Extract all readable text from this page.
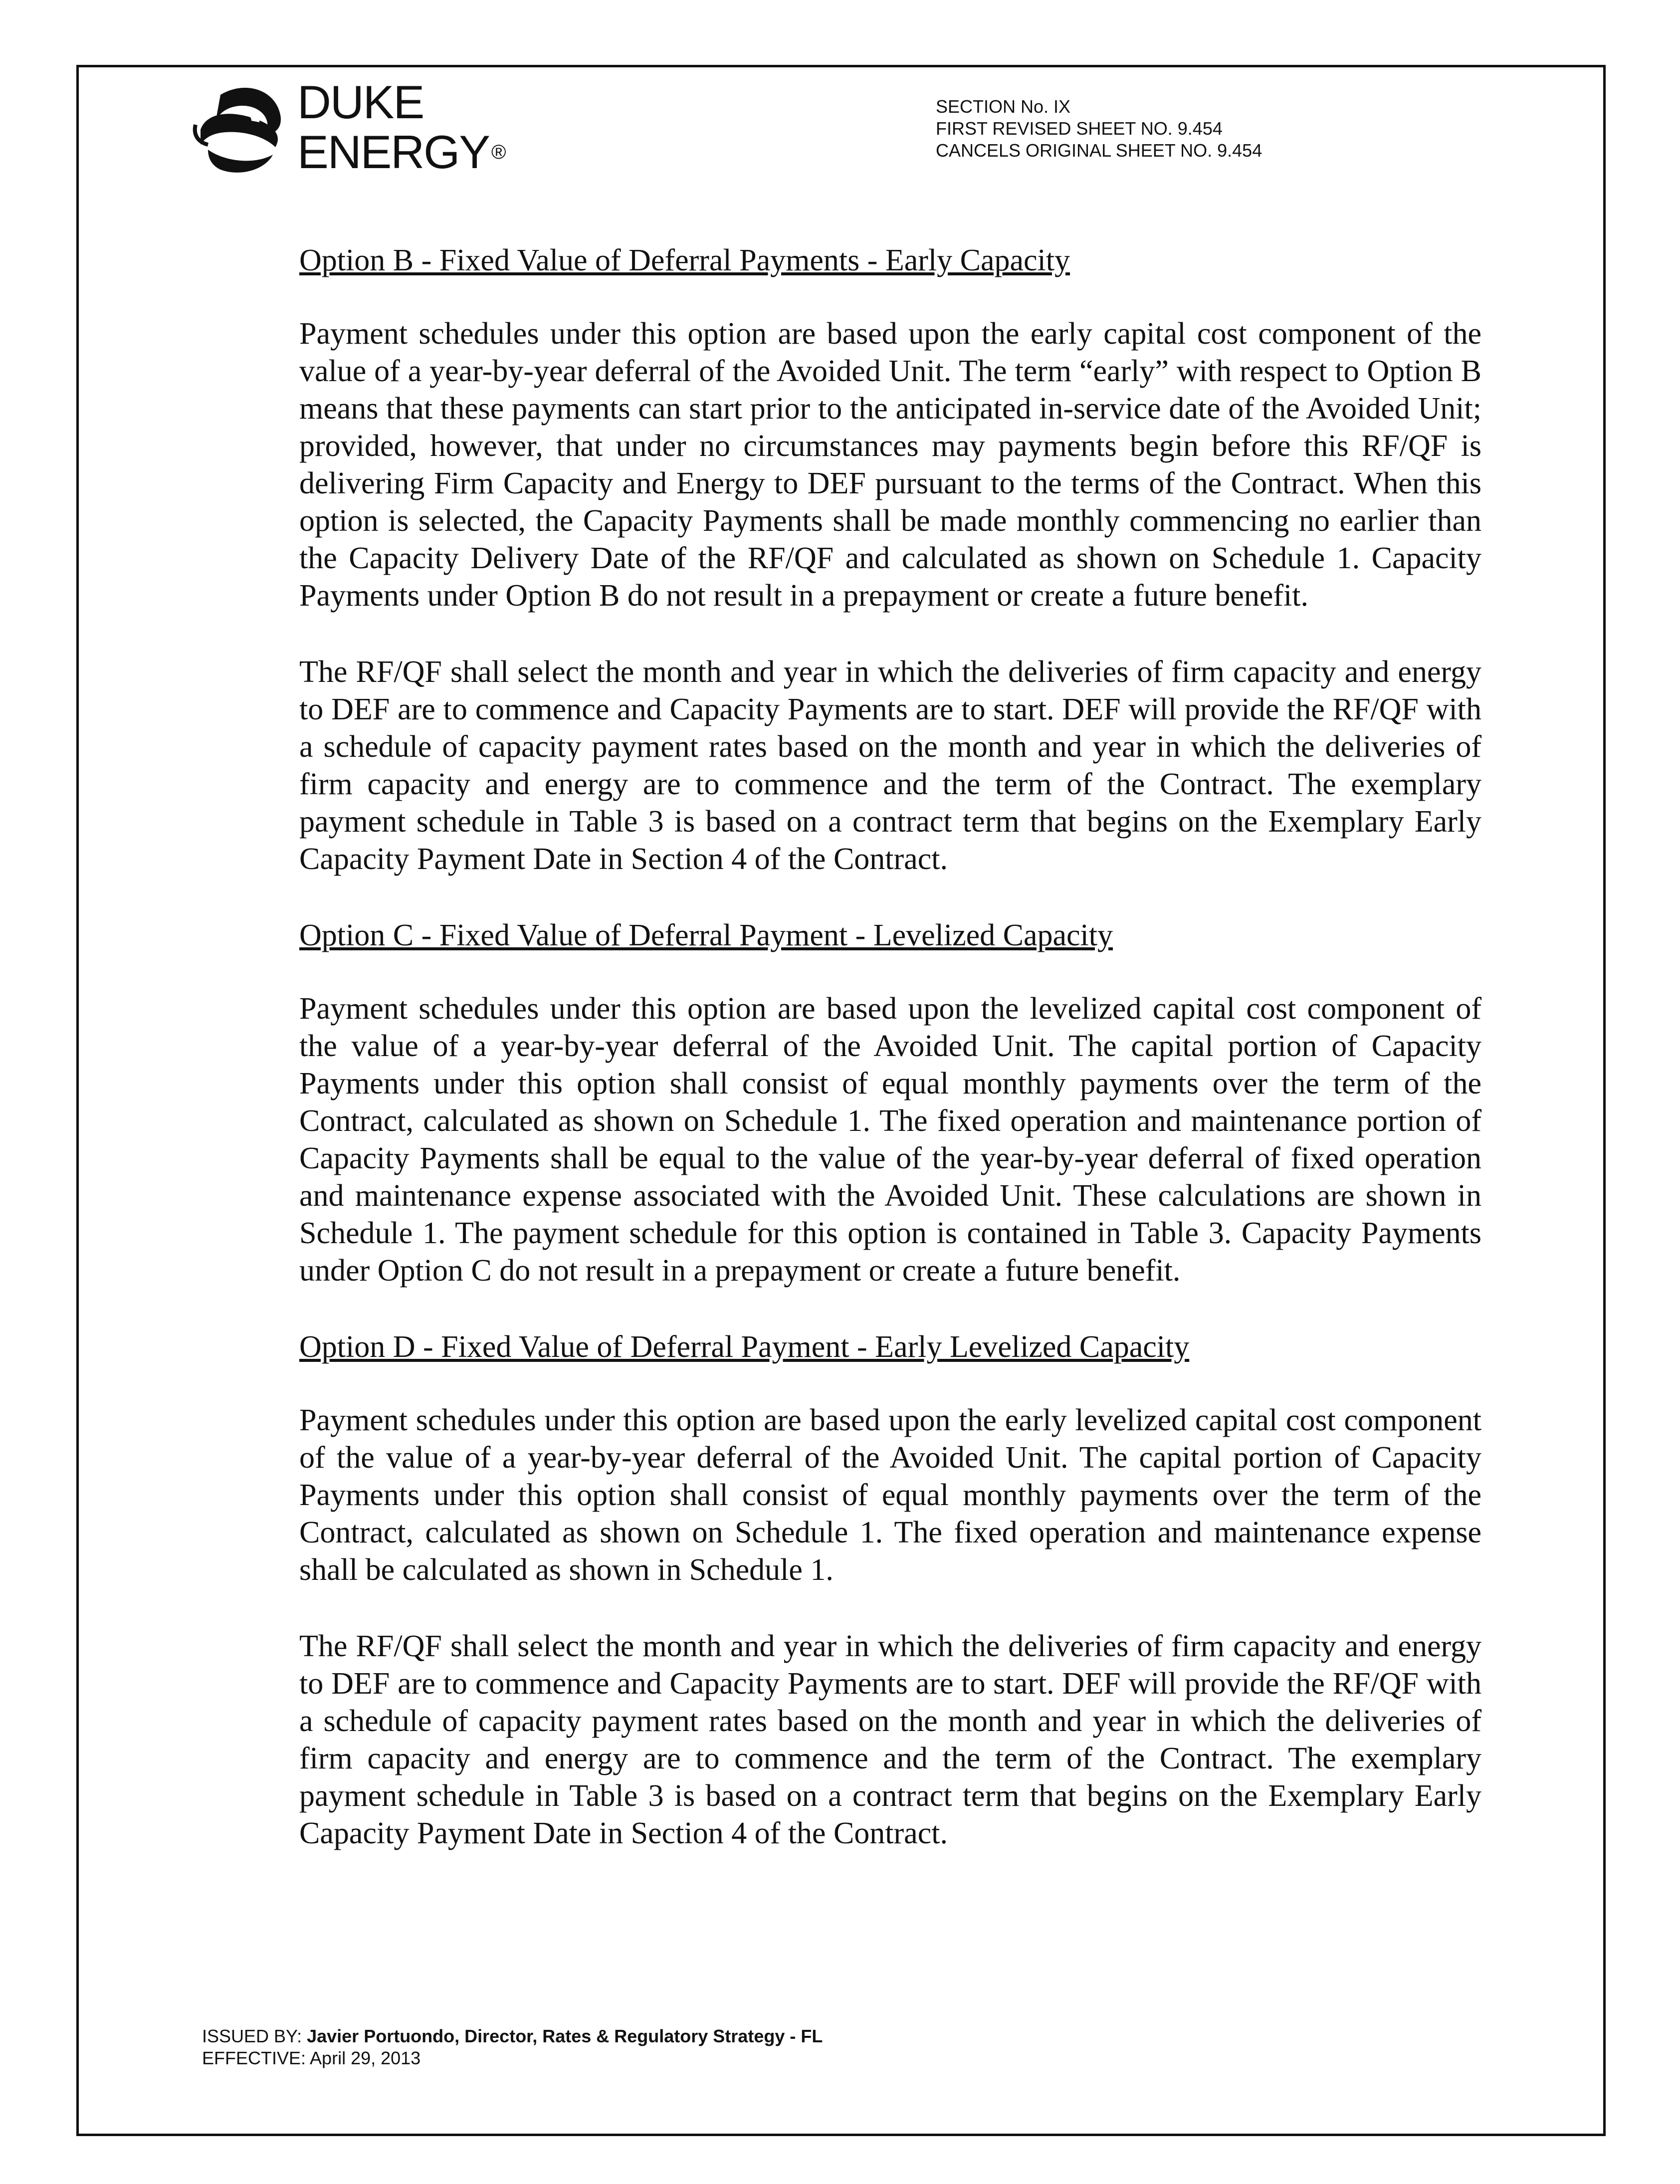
DUKE
ENERGY ®
SECTION No. IX
FIRST REVISED SHEET NO. 9.454
CANCELS ORIGINAL SHEET NO. 9.454

Option B - Fixed Value of Deferral Payments - Early Capacity

Payment schedules under this option are based upon the early capital cost component of the value of a year-by-year deferral of the Avoided Unit. The term “early” with respect to Option B means that these payments can start prior to the anticipated in-service date of the Avoided Unit; provided, however, that under no circumstances may payments begin before this RF/QF is delivering Firm Capacity and Energy to DEF pursuant to the terms of the Contract. When this option is selected, the Capacity Payments shall be made monthly commencing no earlier than the Capacity Delivery Date of the RF/QF and calculated as shown on Schedule 1. Capacity Payments under Option B do not result in a prepayment or create a future benefit.

The RF/QF shall select the month and year in which the deliveries of firm capacity and energy to DEF are to commence and Capacity Payments are to start. DEF will provide the RF/QF with a schedule of capacity payment rates based on the month and year in which the deliveries of firm capacity and energy are to commence and the term of the Contract. The exemplary payment schedule in Table 3 is based on a contract term that begins on the Exemplary Early Capacity Payment Date in Section 4 of the Contract.

Option C - Fixed Value of Deferral Payment - Levelized Capacity

Payment schedules under this option are based upon the levelized capital cost component of the value of a year-by-year deferral of the Avoided Unit. The capital portion of Capacity Payments under this option shall consist of equal monthly payments over the term of the Contract, calculated as shown on Schedule 1. The fixed operation and maintenance portion of Capacity Payments shall be equal to the value of the year-by-year deferral of fixed operation and maintenance expense associated with the Avoided Unit. These calculations are shown in Schedule 1. The payment schedule for this option is contained in Table 3. Capacity Payments under Option C do not result in a prepayment or create a future benefit.

Option D - Fixed Value of Deferral Payment - Early Levelized Capacity

Payment schedules under this option are based upon the early levelized capital cost component of the value of a year-by-year deferral of the Avoided Unit. The capital portion of Capacity Payments under this option shall consist of equal monthly payments over the term of the Contract, calculated as shown on Schedule 1. The fixed operation and maintenance expense shall be calculated as shown in Schedule 1.

The RF/QF shall select the month and year in which the deliveries of firm capacity and energy to DEF are to commence and Capacity Payments are to start. DEF will provide the RF/QF with a schedule of capacity payment rates based on the month and year in which the deliveries of firm capacity and energy are to commence and the term of the Contract. The exemplary payment schedule in Table 3 is based on a contract term that begins on the Exemplary Early Capacity Payment Date in Section 4 of the Contract.

ISSUED BY: Javier Portuondo, Director, Rates & Regulatory Strategy - FL
EFFECTIVE: April 29, 2013
